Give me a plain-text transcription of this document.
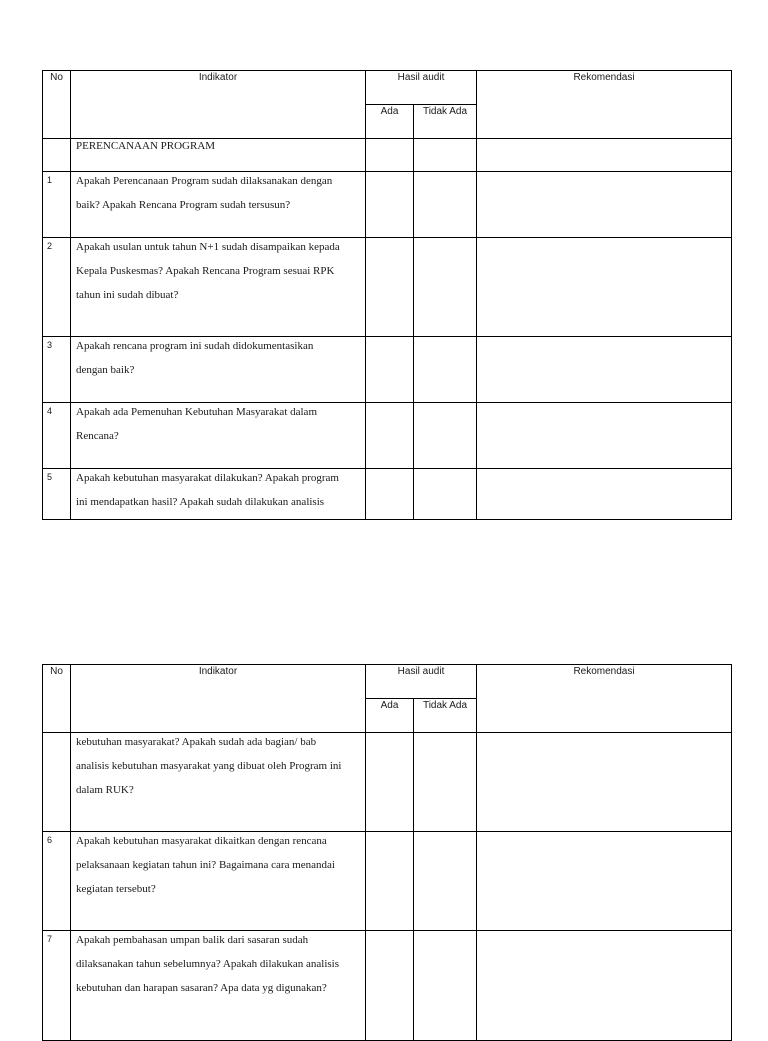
No	Indikator	Hasil audit		Rekomendasi
		Ada	Tidak Ada	
	PERENCANAAN PROGRAM			
1	Apakah Perencanaan Program sudah dilaksanakan dengan
baik? Apakah Rencana Program sudah tersusun?			

2	Apakah usulan untuk tahun N+1 sudah disampaikan kepada
Kepala Puskesmas? Apakah Rencana Program sesuai RPK
tahun ini sudah dibuat?			

3	Apakah rencana program ini sudah didokumentasikan
dengan baik?			

4	Apakah ada Pemenuhan Kebutuhan Masyarakat dalam
Rencana?			

5	Apakah kebutuhan masyarakat dilakukan? Apakah program
ini mendapatkan hasil? Apakah sudah dilakukan analisis			

No	Indikator	Hasil audit		Rekomendasi
		Ada	Tidak Ada	

	kebutuhan masyarakat? Apakah sudah ada bagian/ bab
analisis kebutuhan masyarakat yang dibuat oleh Program ini
dalam RUK?			

6	Apakah kebutuhan masyarakat dikaitkan dengan rencana
pelaksanaan kegiatan tahun ini? Bagaimana cara menandai
kegiatan tersebut?			

7	Apakah pembahasan umpan balik dari sasaran sudah
dilaksanakan tahun sebelumnya? Apakah dilakukan analisis
kebutuhan dan harapan sasaran? Apa data yg digunakan?			
